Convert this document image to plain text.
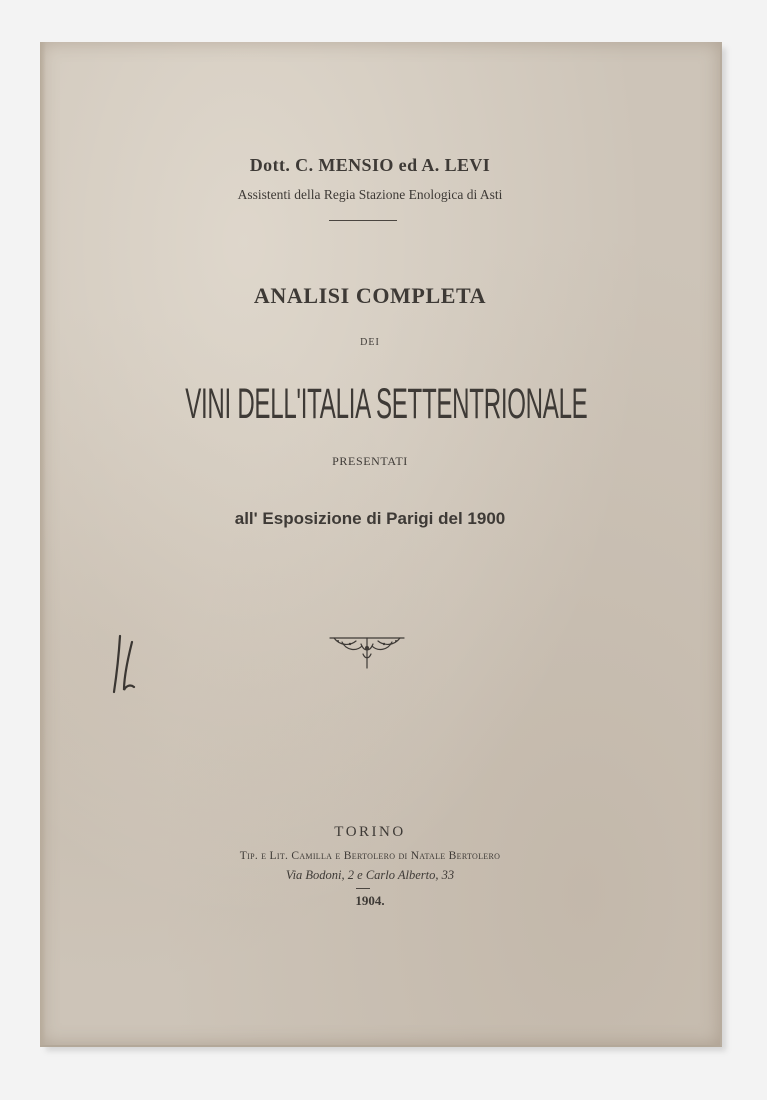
Dott. C. MENSIO ed A. LEVI
Assistenti della Regia Stazione Enologica di Asti
ANALISI COMPLETA
DEI
VINI DELL'ITALIA SETTENTRIONALE
PRESENTATI
all' Esposizione di Parigi del 1900
TORINO
Tip. e Lit. Camilla e Bertolero di Natale Bertolero
Via Bodoni, 2 e Carlo Alberto, 33
1904.
